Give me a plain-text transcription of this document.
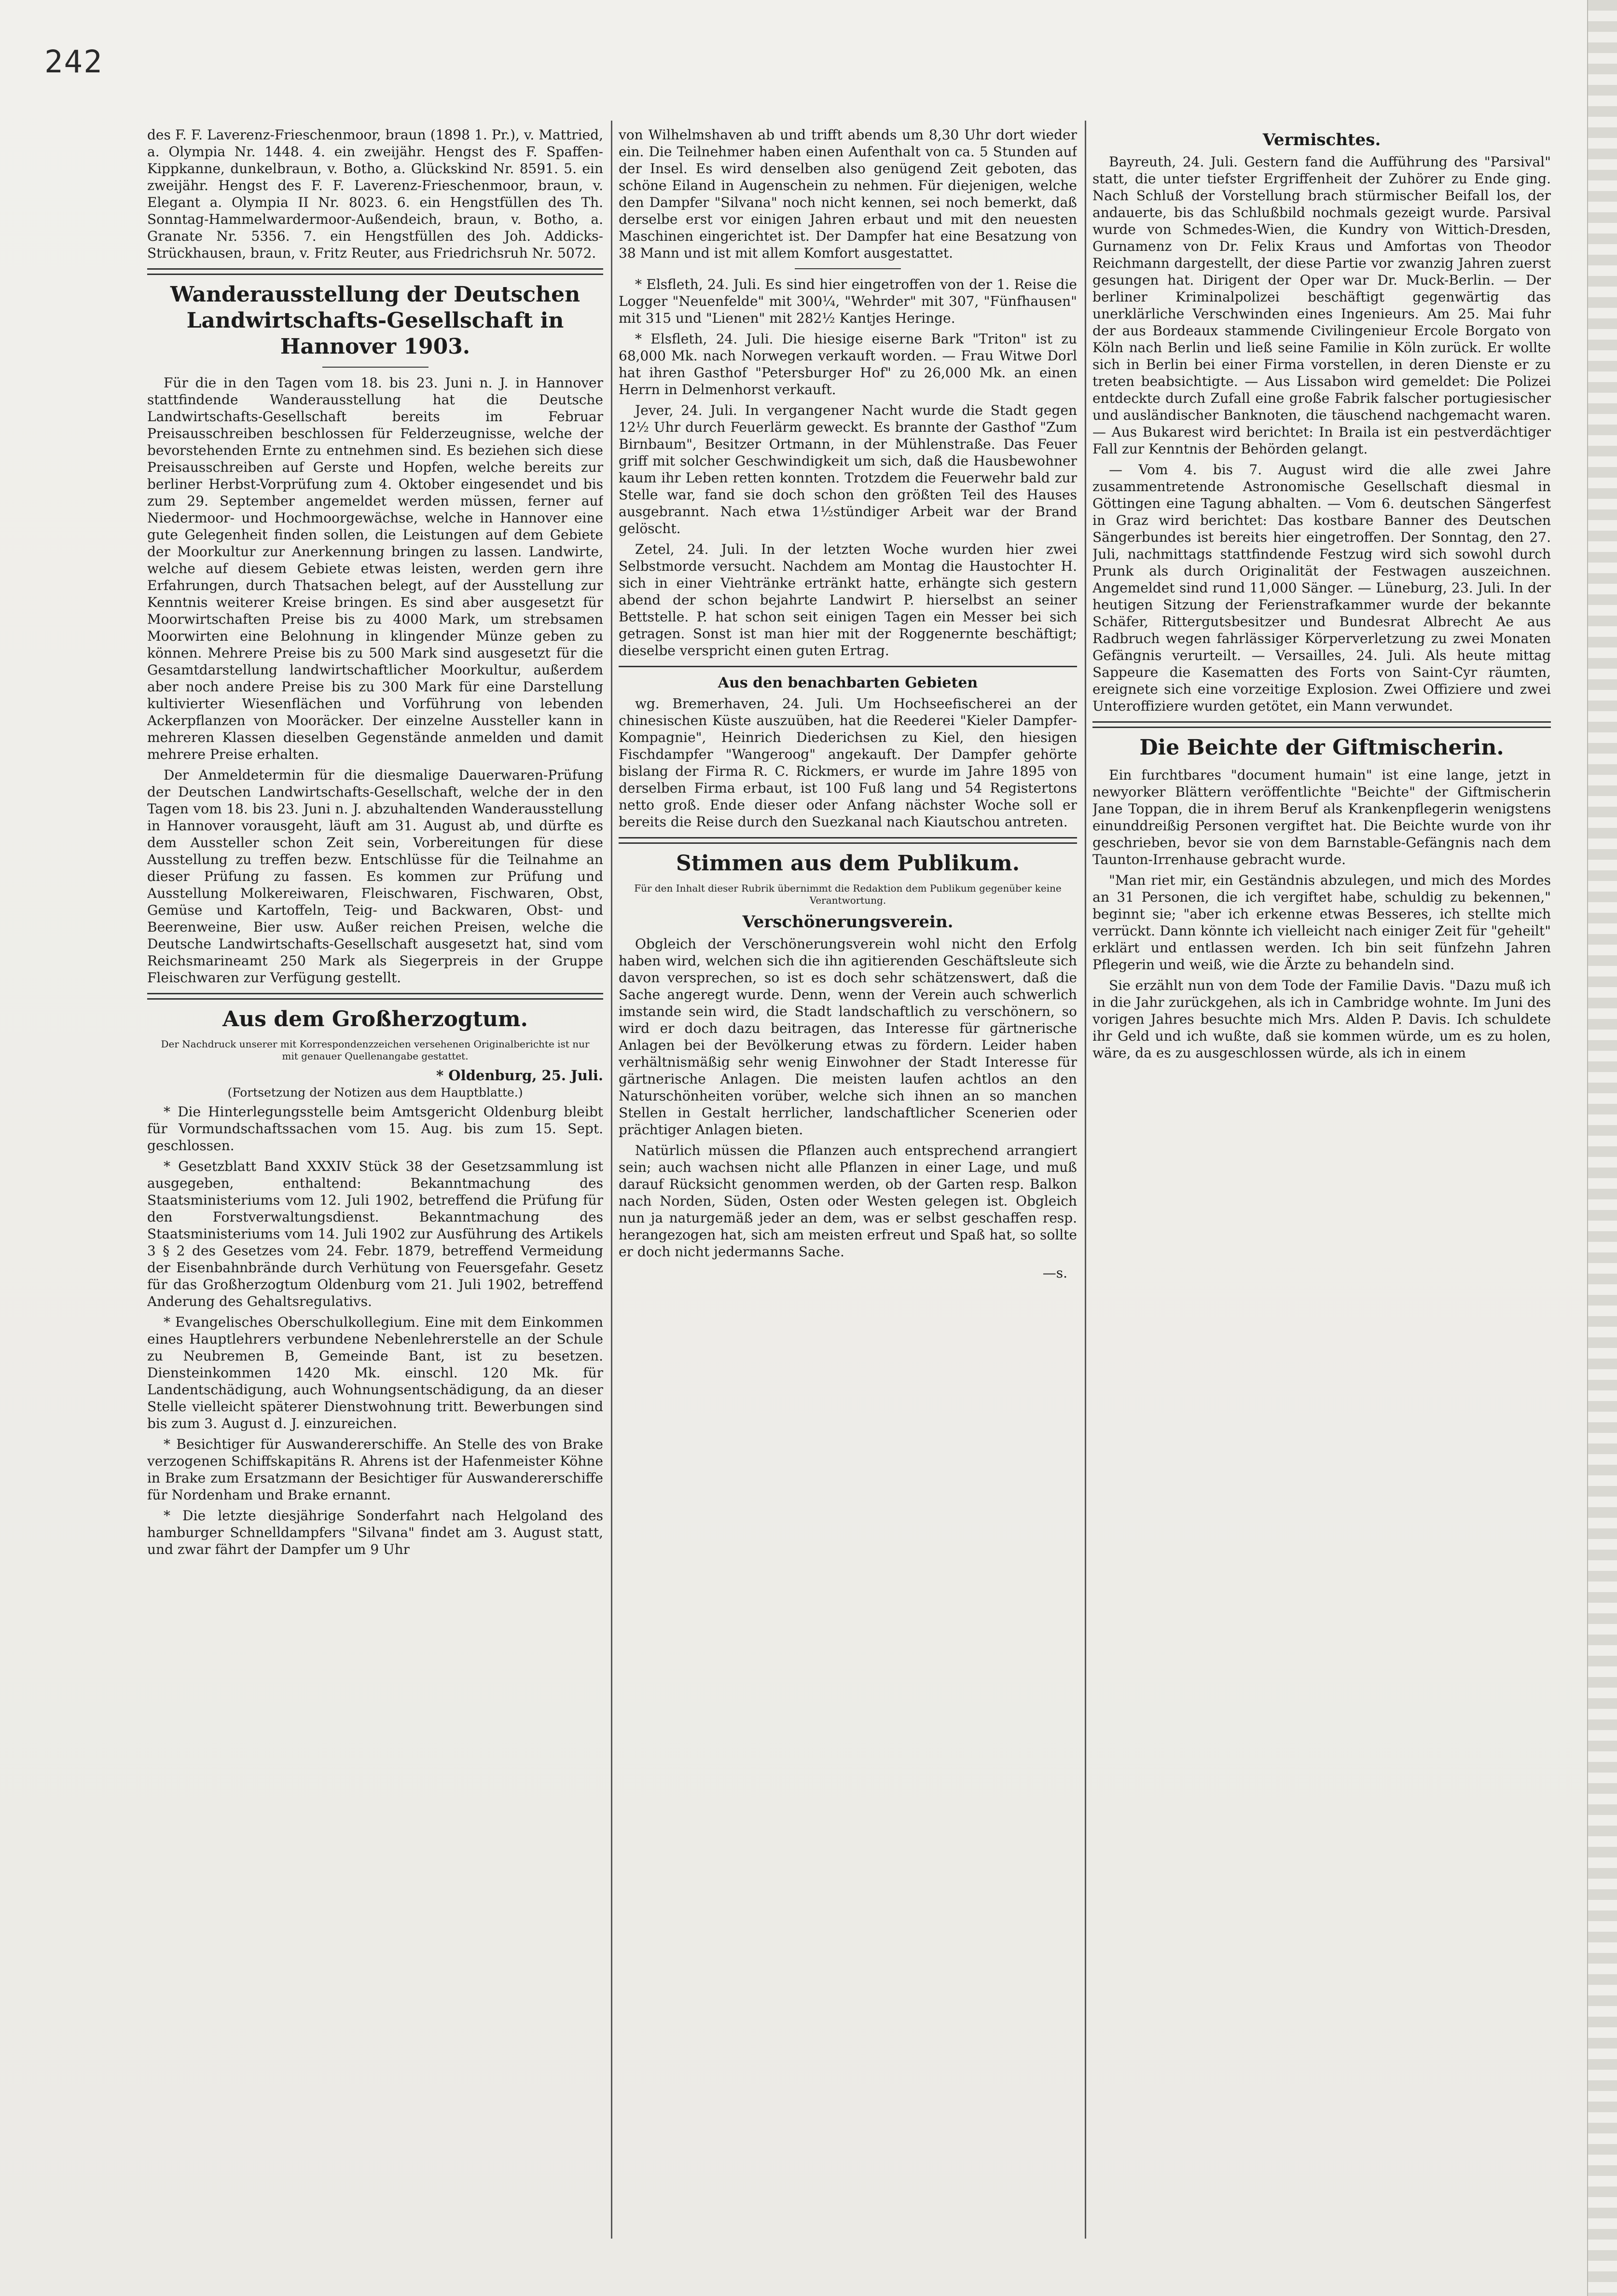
242

des F. F. Laverenz-Frieschenmoor, braun (1898 1. Pr.), v. Mattried, a. Olympia Nr. 1448. 4. ein zweijähr. Hengst des F. Spaffen-Kippkanne, dunkelbraun, v. Botho, a. Glückskind Nr. 8591. 5. ein zweijähr. Hengst des F. F. Laverenz-Frieschenmoor, braun, v. Elegant a. Olympia II Nr. 8023. 6. ein Hengstfüllen des Th. Sonntag-Hammelwardermoor-Außendeich, braun, v. Botho, a. Granate Nr. 5356. 7. ein Hengstfüllen des Joh. Addicks-Strückhausen, braun, v. Fritz Reuter, aus Friedrichsruh Nr. 5072.

Wanderausstellung der Deutschen Landwirtschafts-Gesellschaft in Hannover 1903.

Für die in den Tagen vom 18. bis 23. Juni n. J. in Hannover stattfindende Wanderausstellung hat die Deutsche Landwirtschafts-Gesellschaft bereits im Februar Preisausschreiben beschlossen für Felderzeugnisse, welche der bevorstehenden Ernte zu entnehmen sind. Es beziehen sich diese Preisausschreiben auf Gerste und Hopfen, welche bereits zur berliner Herbst-Vorprüfung zum 4. Oktober eingesendet und bis zum 29. September angemeldet werden müssen, ferner auf Niedermoor- und Hochmoorgewächse, welche in Hannover eine gute Gelegenheit finden sollen, die Leistungen auf dem Gebiete der Moorkultur zur Anerkennung bringen zu lassen. Landwirte, welche auf diesem Gebiete etwas leisten, werden gern ihre Erfahrungen, durch Thatsachen belegt, auf der Ausstellung zur Kenntnis weiterer Kreise bringen. Es sind aber ausgesetzt für Moorwirtschaften Preise bis zu 4000 Mark, um strebsamen Moorwirten eine Belohnung in klingender Münze geben zu können. Mehrere Preise bis zu 500 Mark sind ausgesetzt für die Gesamtdarstellung landwirtschaftlicher Moorkultur, außerdem aber noch andere Preise bis zu 300 Mark für eine Darstellung kultivierter Wiesenflächen und Vorführung von lebenden Ackerpflanzen von Mooräcker. Der einzelne Aussteller kann in mehreren Klassen dieselben Gegenstände anmelden und damit mehrere Preise erhalten.

Der Anmeldetermin für die diesmalige Dauerwaren-Prüfung der Deutschen Landwirtschafts-Gesellschaft, welche der in den Tagen vom 18. bis 23. Juni n. J. abzuhaltenden Wanderausstellung in Hannover vorausgeht, läuft am 31. August ab, und dürfte es dem Aussteller schon Zeit sein, Vorbereitungen für diese Ausstellung zu treffen bezw. Entschlüsse für die Teilnahme an dieser Prüfung zu fassen. Es kommen zur Prüfung und Ausstellung Molkereiwaren, Fleischwaren, Fischwaren, Obst, Gemüse und Kartoffeln, Teig- und Backwaren, Obst- und Beerenweine, Bier usw. Außer reichen Preisen, welche die Deutsche Landwirtschafts-Gesellschaft ausgesetzt hat, sind vom Reichsmarineamt 250 Mark als Siegerpreis in der Gruppe Fleischwaren zur Verfügung gestellt.

Aus dem Großherzogtum.
Der Nachdruck unserer mit Korrespondenzzeichen versehenen Originalberichte ist nur mit genauer Quellenangabe gestattet.
* Oldenburg, 25. Juli.
(Fortsetzung der Notizen aus dem Hauptblatte.)

* Die Hinterlegungsstelle beim Amtsgericht Oldenburg bleibt für Vormundschaftssachen vom 15. Aug. bis zum 15. Sept. geschlossen.

* Gesetzblatt Band XXXIV Stück 38 der Gesetzsammlung ist ausgegeben, enthaltend: Bekanntmachung des Staatsministeriums vom 12. Juli 1902, betreffend die Prüfung für den Forstverwaltungsdienst. Bekanntmachung des Staatsministeriums vom 14. Juli 1902 zur Ausführung des Artikels 3 § 2 des Gesetzes vom 24. Febr. 1879, betreffend Vermeidung der Eisenbahnbrände durch Verhütung von Feuersgefahr. Gesetz für das Großherzogtum Oldenburg vom 21. Juli 1902, betreffend Anderung des Gehaltsregulativs.

* Evangelisches Oberschulkollegium. Eine mit dem Einkommen eines Hauptlehrers verbundene Nebenlehrerstelle an der Schule zu Neubremen B, Gemeinde Bant, ist zu besetzen. Diensteinkommen 1420 Mk. einschl. 120 Mk. für Landentschädigung, auch Wohnungsentschädigung, da an dieser Stelle vielleicht späterer Dienstwohnung tritt. Bewerbungen sind bis zum 3. August d. J. einzureichen.

* Besichtiger für Auswandererschiffe. An Stelle des von Brake verzogenen Schiffskapitäns R. Ahrens ist der Hafenmeister Köhne in Brake zum Ersatzmann der Besichtiger für Auswandererschiffe für Nordenham und Brake ernannt.

* Die letzte diesjährige Sonderfahrt nach Helgoland des hamburger Schnelldampfers "Silvana" findet am 3. August statt, und zwar fährt der Dampfer um 9 Uhr

von Wilhelmshaven ab und trifft abends um 8,30 Uhr dort wieder ein. Die Teilnehmer haben einen Aufenthalt von ca. 5 Stunden auf der Insel. Es wird denselben also genügend Zeit geboten, das schöne Eiland in Augenschein zu nehmen. Für diejenigen, welche den Dampfer "Silvana" noch nicht kennen, sei noch bemerkt, daß derselbe erst vor einigen Jahren erbaut und mit den neuesten Maschinen eingerichtet ist. Der Dampfer hat eine Besatzung von 38 Mann und ist mit allem Komfort ausgestattet.

* Elsfleth, 24. Juli. Es sind hier eingetroffen von der 1. Reise die Logger "Neuenfelde" mit 300¼, "Wehrder" mit 307, "Fünfhausen" mit 315 und "Lienen" mit 282½ Kantjes Heringe.

* Elsfleth, 24. Juli. Die hiesige eiserne Bark "Triton" ist zu 68,000 Mk. nach Norwegen verkauft worden. — Frau Witwe Dorl hat ihren Gasthof "Petersburger Hof" zu 26,000 Mk. an einen Herrn in Delmenhorst verkauft.

Jever, 24. Juli. In vergangener Nacht wurde die Stadt gegen 12½ Uhr durch Feuerlärm geweckt. Es brannte der Gasthof "Zum Birnbaum", Besitzer Ortmann, in der Mühlenstraße. Das Feuer griff mit solcher Geschwindigkeit um sich, daß die Hausbewohner kaum ihr Leben retten konnten. Trotzdem die Feuerwehr bald zur Stelle war, fand sie doch schon den größten Teil des Hauses ausgebrannt. Nach etwa 1½stündiger Arbeit war der Brand gelöscht.

Zetel, 24. Juli. In der letzten Woche wurden hier zwei Selbstmorde versucht. Nachdem am Montag die Haustochter H. sich in einer Viehtränke ertränkt hatte, erhängte sich gestern abend der schon bejahrte Landwirt P. hierselbst an seiner Bettstelle. P. hat schon seit einigen Tagen ein Messer bei sich getragen. Sonst ist man hier mit der Roggenernte beschäftigt; dieselbe verspricht einen guten Ertrag.

Aus den benachbarten Gebieten

wg. Bremerhaven, 24. Juli. Um Hochseefischerei an der chinesischen Küste auszuüben, hat die Reederei "Kieler Dampfer-Kompagnie", Heinrich Diederichsen zu Kiel, den hiesigen Fischdampfer "Wangeroog" angekauft. Der Dampfer gehörte bislang der Firma R. C. Rickmers, er wurde im Jahre 1895 von derselben Firma erbaut, ist 100 Fuß lang und 54 Registertons netto groß. Ende dieser oder Anfang nächster Woche soll er bereits die Reise durch den Suezkanal nach Kiautschou antreten.

Stimmen aus dem Publikum.
Für den Inhalt dieser Rubrik übernimmt die Redaktion dem Publikum gegenüber keine Verantwortung.
Verschönerungsverein.

Obgleich der Verschönerungsverein wohl nicht den Erfolg haben wird, welchen sich die ihn agitierenden Geschäftsleute sich davon versprechen, so ist es doch sehr schätzenswert, daß die Sache angeregt wurde. Denn, wenn der Verein auch schwerlich imstande sein wird, die Stadt landschaftlich zu verschönern, so wird er doch dazu beitragen, das Interesse für gärtnerische Anlagen bei der Bevölkerung etwas zu fördern. Leider haben verhältnismäßig sehr wenig Einwohner der Stadt Interesse für gärtnerische Anlagen. Die meisten laufen achtlos an den Naturschönheiten vorüber, welche sich ihnen an so manchen Stellen in Gestalt herrlicher, landschaftlicher Scenerien oder prächtiger Anlagen bieten.

Natürlich müssen die Pflanzen auch entsprechend arrangiert sein; auch wachsen nicht alle Pflanzen in einer Lage, und muß darauf Rücksicht genommen werden, ob der Garten resp. Balkon nach Norden, Süden, Osten oder Westen gelegen ist. Obgleich nun ja naturgemäß jeder an dem, was er selbst geschaffen resp. herangezogen hat, sich am meisten erfreut und Spaß hat, so sollte er doch nicht jedermanns Sache.

—s.
Vermischtes.

Bayreuth, 24. Juli. Gestern fand die Aufführung des "Parsival" statt, die unter tiefster Ergriffenheit der Zuhörer zu Ende ging. Nach Schluß der Vorstellung brach stürmischer Beifall los, der andauerte, bis das Schlußbild nochmals gezeigt wurde. Parsival wurde von Schmedes-Wien, die Kundry von Wittich-Dresden, Gurnamenz von Dr. Felix Kraus und Amfortas von Theodor Reichmann dargestellt, der diese Partie vor zwanzig Jahren zuerst gesungen hat. Dirigent der Oper war Dr. Muck-Berlin. — Der berliner Kriminalpolizei beschäftigt gegenwärtig das unerklärliche Verschwinden eines Ingenieurs. Am 25. Mai fuhr der aus Bordeaux stammende Civilingenieur Ercole Borgato von Köln nach Berlin und ließ seine Familie in Köln zurück. Er wollte sich in Berlin bei einer Firma vorstellen, in deren Dienste er zu treten beabsichtigte. — Aus Lissabon wird gemeldet: Die Polizei entdeckte durch Zufall eine große Fabrik falscher portugiesischer und ausländischer Banknoten, die täuschend nachgemacht waren. — Aus Bukarest wird berichtet: In Braila ist ein pestverdächtiger Fall zur Kenntnis der Behörden gelangt.

— Vom 4. bis 7. August wird die alle zwei Jahre zusammentretende Astronomische Gesellschaft diesmal in Göttingen eine Tagung abhalten. — Vom 6. deutschen Sängerfest in Graz wird berichtet: Das kostbare Banner des Deutschen Sängerbundes ist bereits hier eingetroffen. Der Sonntag, den 27. Juli, nachmittags stattfindende Festzug wird sich sowohl durch Prunk als durch Originalität der Festwagen auszeichnen. Angemeldet sind rund 11,000 Sänger. — Lüneburg, 23. Juli. In der heutigen Sitzung der Ferienstrafkammer wurde der bekannte Schäfer, Rittergutsbesitzer und Bundesrat Albrecht Ae aus Radbruch wegen fahrlässiger Körperverletzung zu zwei Monaten Gefängnis verurteilt. — Versailles, 24. Juli. Als heute mittag Sappeure die Kasematten des Forts von Saint-Cyr räumten, ereignete sich eine vorzeitige Explosion. Zwei Offiziere und zwei Unteroffiziere wurden getötet, ein Mann verwundet.

Die Beichte der Giftmischerin.

Ein furchtbares "document humain" ist eine lange, jetzt in newyorker Blättern veröffentlichte "Beichte" der Giftmischerin Jane Toppan, die in ihrem Beruf als Krankenpflegerin wenigstens einunddreißig Personen vergiftet hat. Die Beichte wurde von ihr geschrieben, bevor sie von dem Barnstable-Gefängnis nach dem Taunton-Irrenhause gebracht wurde.

"Man riet mir, ein Geständnis abzulegen, und mich des Mordes an 31 Personen, die ich vergiftet habe, schuldig zu bekennen," beginnt sie; "aber ich erkenne etwas Besseres, ich stellte mich verrückt. Dann könnte ich vielleicht nach einiger Zeit für "geheilt" erklärt und entlassen werden. Ich bin seit fünfzehn Jahren Pflegerin und weiß, wie die Ärzte zu behandeln sind.

Sie erzählt nun von dem Tode der Familie Davis. "Dazu muß ich in die Jahr zurückgehen, als ich in Cambridge wohnte. Im Juni des vorigen Jahres besuchte mich Mrs. Alden P. Davis. Ich schuldete ihr Geld und ich wußte, daß sie kommen würde, um es zu holen, wäre, da es zu ausgeschlossen würde, als ich in einem
